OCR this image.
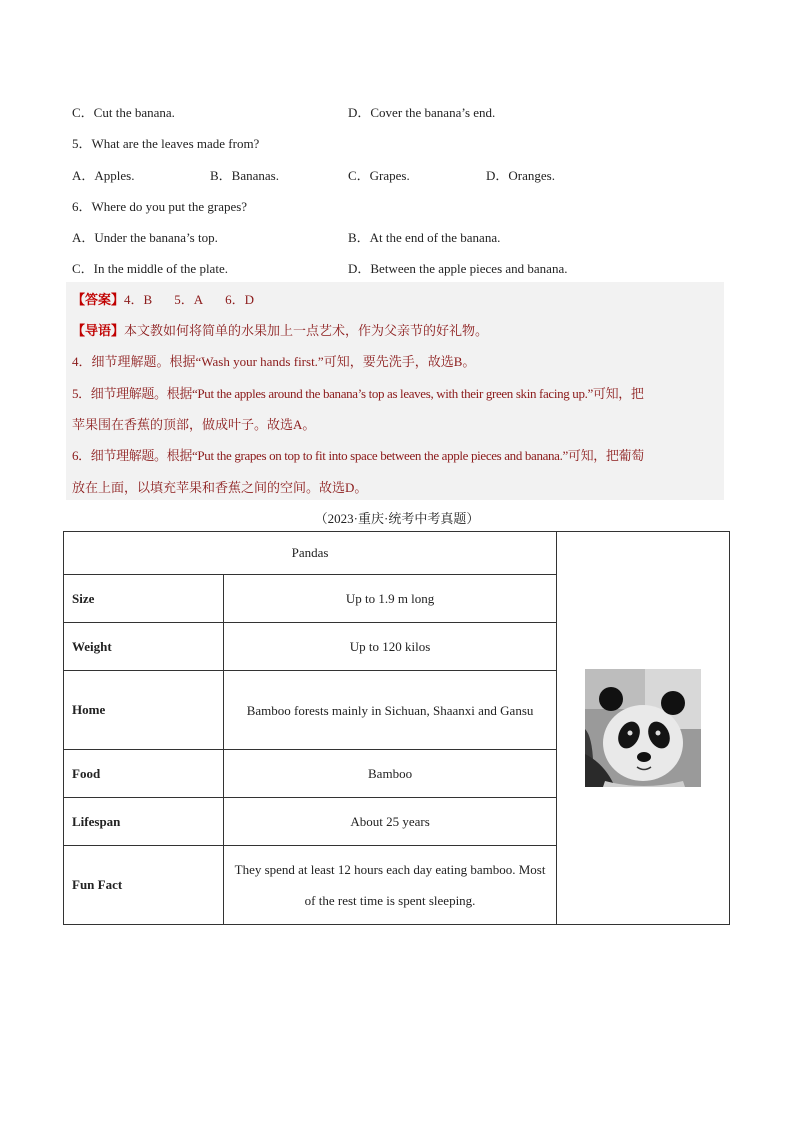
C．Cut the banana.	D．Cover the banana’s end.
5．What are the leaves made from?
A．Apples.	B．Bananas.	C．Grapes.	D．Oranges.
6．Where do you put the grapes?
A．Under the banana’s top.	B．At the end of the banana.
C．In the middle of the plate.	D．Between the apple pieces and banana.
【答案】4．B 5．A 6．D
【导语】本文教如何将简单的水果加上一点艺术，作为父亲节的好礼物。
4．细节理解题。根据“Wash your hands first.”可知，要先洗手，故选B。
5．细节理解题。根据“Put the apples around the banana’s top as leaves, with their green skin facing up.”可知，把
苹果围在香蕉的顶部，做成叶子。故选A。
6．细节理解题。根据“Put the grapes on top to fit into space between the apple pieces and banana.”可知，把葡萄
放在上面，以填充苹果和香蕉之间的空间。故选D。
（2023·重庆·统考中考真题）
Pandas	

Size	Up to 1.9 m long	
Weight	Up to 120 kilos	
Home	Bamboo forests mainly in Sichuan, Shaanxi and Gansu	
Food	Bamboo	
Lifespan	About 25 years	
Fun Fact	They spend at least 12 hours each day eating bamboo. Most of the rest time is spent sleeping.	
